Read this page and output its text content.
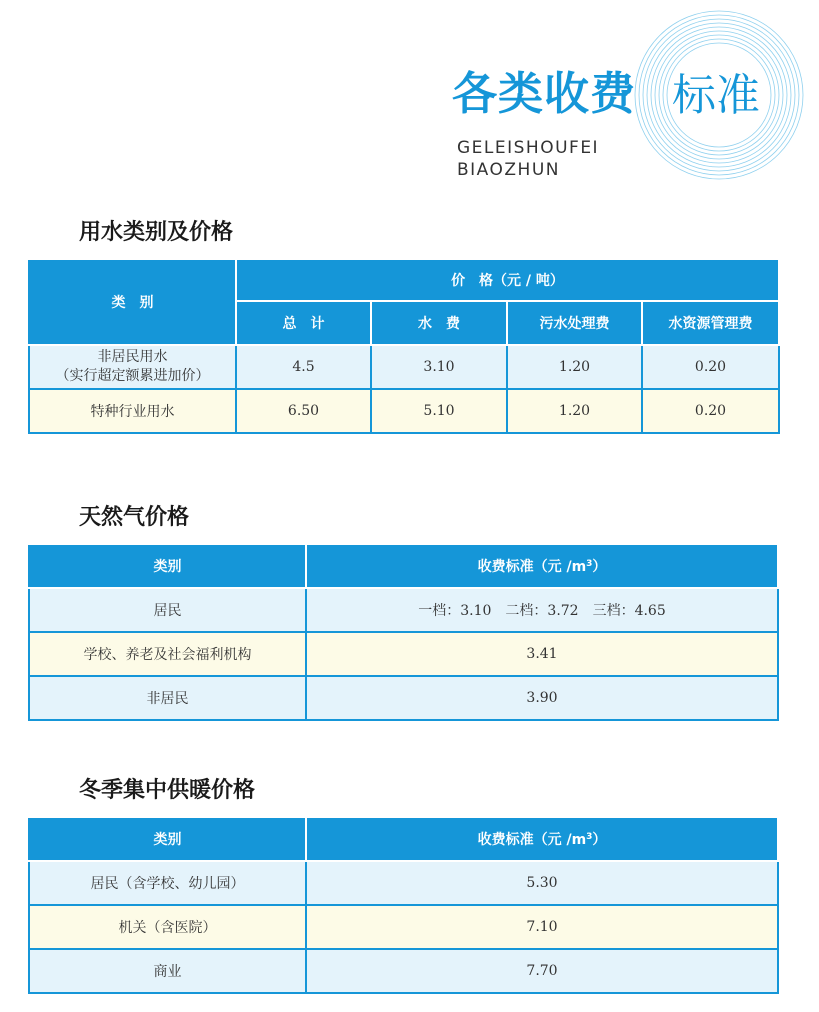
各类收费 标准
GELEISHOUFEI
BIAOZHUN
用水类别及价格
类　别	价　格（元 / 吨）			
	总　计	水　费	污水处理费	水资源管理费

非居民用水
（实行超定额累进加价）	4.5	3.10	1.20	0.20
特种行业用水	6.50	5.10	1.20	0.20
天然气价格
类别	收费标准（元 $/m^3$）
居民	一档：3.10　二档：3.72　三档：4.65
学校、养老及社会福利机构	3.41
非居民	3.90
冬季集中供暖价格
类别	收费标准（元 $/m^3$）
居民（含学校、幼儿园）	5.30
机关（含医院）	7.10
商业	7.70
